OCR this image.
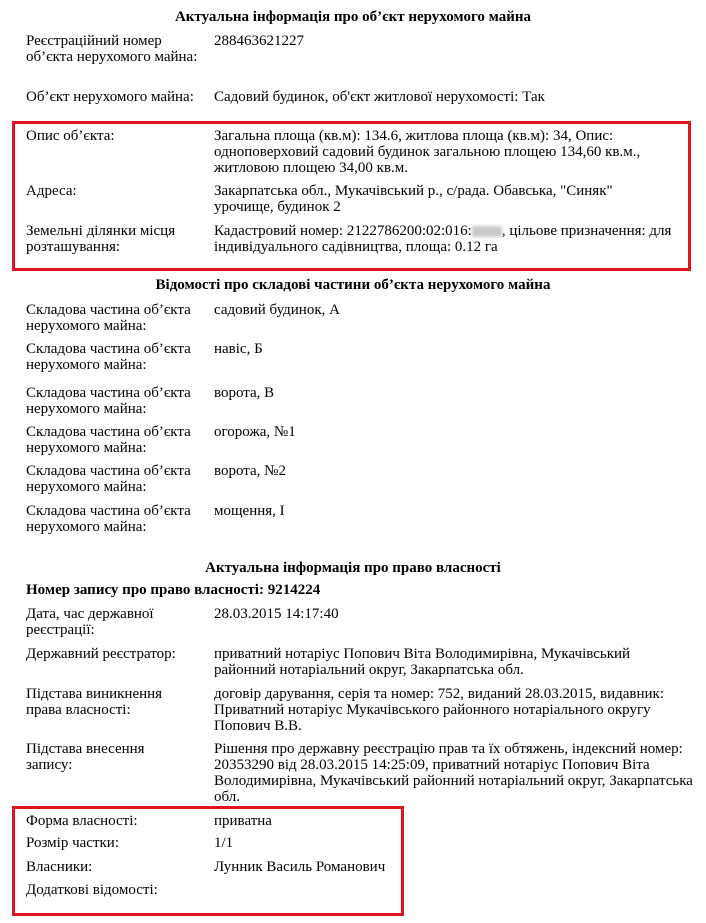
Актуальна інформація про об’єкт нерухомого майна
Реєстраційний номер об’єкта нерухомого майна:
288463621227
Об’єкт нерухомого майна:	Садовий будинок, об'єкт житлової нерухомості: Так
Опис об’єкта:	Загальна площа (кв.м): 134.6, житлова площа (кв.м): 34, Опис: одноповерховий садовий будинок загальною площею 134,60 кв.м., житловою площею 34,00 кв.м.
Адреса:	Закарпатська обл., Мукачівський р., с/рада. Обавська, "Синяк" урочище, будинок 2
Земельні ділянки місця розташування:
Кадастровий номер: 2122786200:02:016: , цільове призначення: для індивідуального садівництва, площа: 0.12 га
Відомості про складові частини об’єкта нерухомого майна
Складова частина об’єкта нерухомого майна:
садовий будинок, А
Складова частина об’єкта нерухомого майна:
навіс, Б
Складова частина об’єкта нерухомого майна:
ворота, В
Складова частина об’єкта нерухомого майна:
огорожа, №1
Складова частина об’єкта нерухомого майна:
ворота, №2
Складова частина об’єкта нерухомого майна:
мощення, І
Актуальна інформація про право власності
Номер запису про право власності: 9214224
Дата, час державної реєстрації:
28.03.2015 14:17:40
Державний реєстратор:	приватний нотаріус Попович Віта Володимирівна, Мукачівський районний нотаріальний округ, Закарпатська обл.
Підстава виникнення права власності:
договір дарування, серія та номер: 752, виданий 28.03.2015, видавник: Приватний нотаріус Мукачівського районного нотаріального округу Попович В.В.
Підстава внесення запису:
Рішення про державну реєстрацію прав та їх обтяжень, індексний номер: 20353290 від 28.03.2015 14:25:09, приватний нотаріус Попович Віта Володимирівна, Мукачівський районний нотаріальний округ, Закарпатська обл.
Форма власності:	приватна
Розмір частки:	1/1
Власники:	Лунник Василь Романович
Додаткові відомості:
